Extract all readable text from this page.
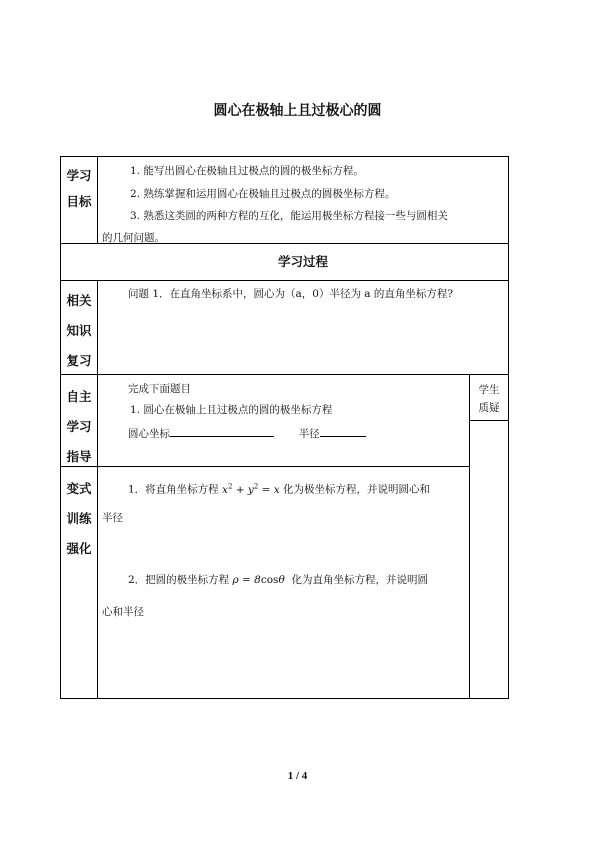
圆心在极轴上且过极心的圆
学习
目标
1. 能写出圆心在极轴且过极点的圆的极坐标方程。
2. 熟练掌握和运用圆心在极轴且过极点的圆极坐标方程。
3. 熟悉这类圆的两种方程的互化，能运用极坐标方程接一些与圆相关
的几何问题。
学习过程
相关
知识
复习
问题 1．在直角坐标系中，圆心为（a，0）半径为 a 的直角坐标方程?
自主
学习
指导
完成下面题目
1. 圆心在极轴上且过极点的圆的极坐标方程
圆心坐标	半径
学生
质疑
变式
训练
强化
1．将直角坐标方程 $x^2 + y^2 = x$ 化为极坐标方程，并说明圆心和
半径
2．把圆的极坐标方程 ρ = 8cosθ 化为直角坐标方程，并说明圆
心和半径
1 / 4
